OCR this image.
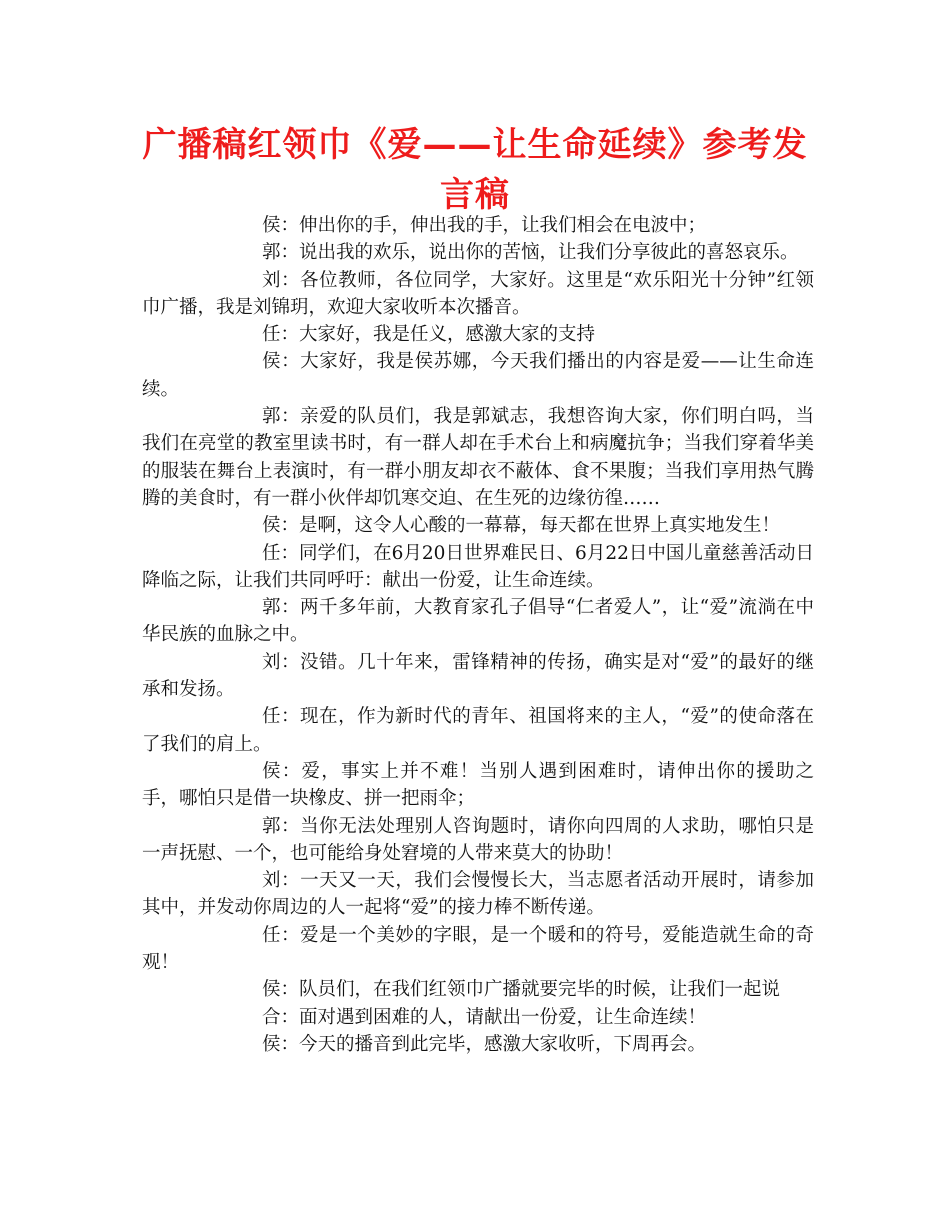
广播稿红领巾《爱——让生命延续》参考发言稿

侯：伸出你的手，伸出我的手，让我们相会在电波中；

郭：说出我的欢乐，说出你的苦恼，让我们分享彼此的喜怒哀乐。

刘：各位教师，各位同学，大家好。这里是“欢乐阳光十分钟”红领巾广播，我是刘锦玥，欢迎大家收听本次播音。

任：大家好，我是任义，感激大家的支持

侯：大家好，我是侯苏娜，今天我们播出的内容是爱——让生命连续。

郭：亲爱的队员们，我是郭斌志，我想咨询大家，你们明白吗，当我们在亮堂的教室里读书时，有一群人却在手术台上和病魔抗争；当我们穿着华美的服装在舞台上表演时，有一群小朋友却衣不蔽体、食不果腹；当我们享用热气腾腾的美食时，有一群小伙伴却饥寒交迫、在生死的边缘彷徨……

侯：是啊，这令人心酸的一幕幕，每天都在世界上真实地发生！

任：同学们，在6月20日世界难民日、6月22日中国儿童慈善活动日降临之际，让我们共同呼吁：献出一份爱，让生命连续。

郭：两千多年前，大教育家孔子倡导“仁者爱人”，让“爱”流淌在中华民族的血脉之中。

刘：没错。几十年来，雷锋精神的传扬，确实是对“爱”的最好的继承和发扬。

任：现在，作为新时代的青年、祖国将来的主人，“爱”的使命落在了我们的肩上。

侯：爱，事实上并不难！当别人遇到困难时，请伸出你的援助之手，哪怕只是借一块橡皮、拼一把雨伞；

郭：当你无法处理别人咨询题时，请你向四周的人求助，哪怕只是一声抚慰、一个，也可能给身处窘境的人带来莫大的协助！

刘：一天又一天，我们会慢慢长大，当志愿者活动开展时，请参加其中，并发动你周边的人一起将“爱”的接力棒不断传递。

任：爱是一个美妙的字眼，是一个暖和的符号，爱能造就生命的奇观！

侯：队员们，在我们红领巾广播就要完毕的时候，让我们一起说

合：面对遇到困难的人，请献出一份爱，让生命连续！

侯：今天的播音到此完毕，感激大家收听，下周再会。
